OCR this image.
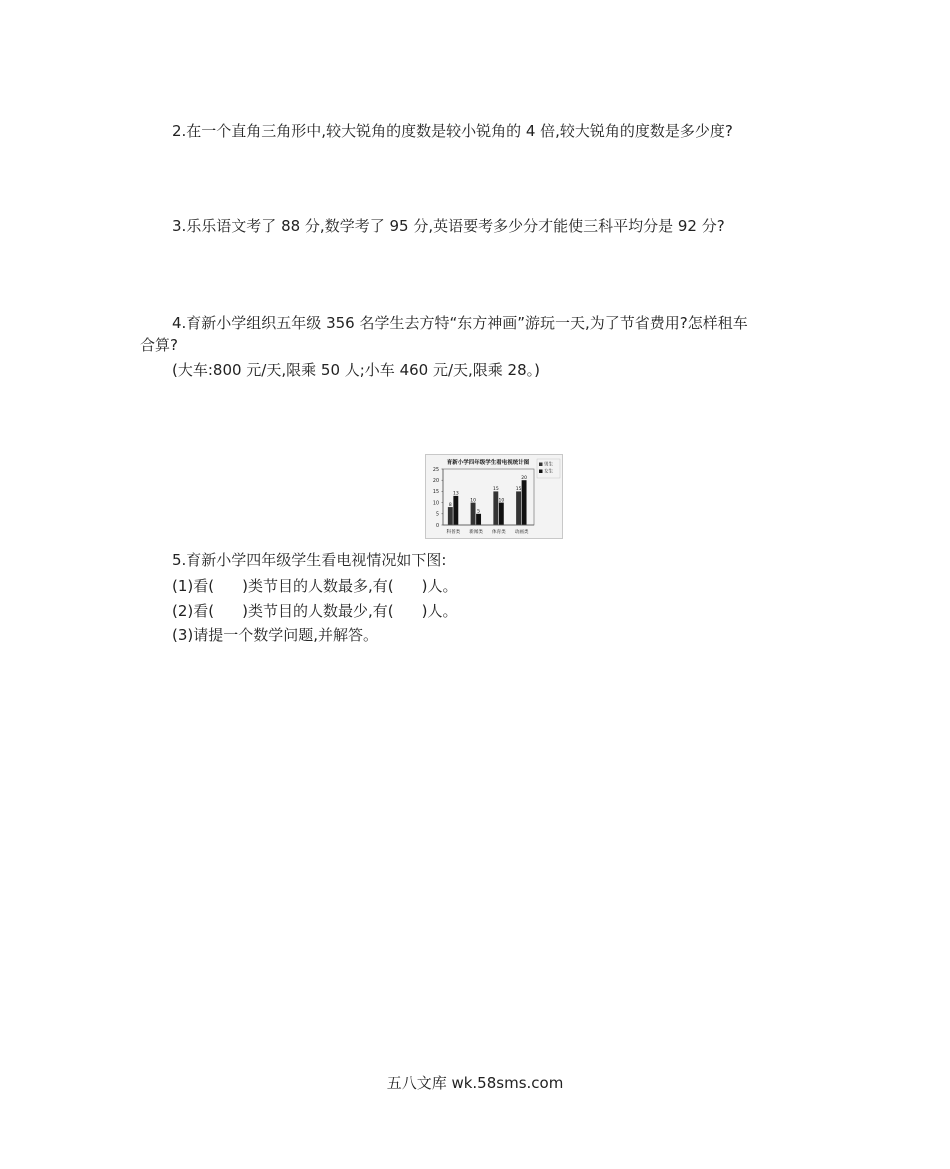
2.在一个直角三角形中,较大锐角的度数是较小锐角的 4 倍,较大锐角的度数是多少度?
3.乐乐语文考了 88 分,数学考了 95 分,英语要考多少分才能使三科平均分是 92 分?
4.育新小学组织五年级 356 名学生去方特“东方神画”游玩一天,为了节省费用?怎样租车
合算?
(大车:800 元/天,限乘 50 人;小车 460 元/天,限乘 28。)
育新小学四年级学生看电视统计图
0
5
10
15
20
25
8
13
10
5
15
10
15
20
科普类 新闻类 体育类 动画类
男生
女生
5.育新小学四年级学生看电视情况如下图:
(1)看( )类节目的人数最多,有( )人。
(2)看( )类节目的人数最少,有( )人。
(3)请提一个数学问题,并解答。
五八文库 wk.58sms.com
